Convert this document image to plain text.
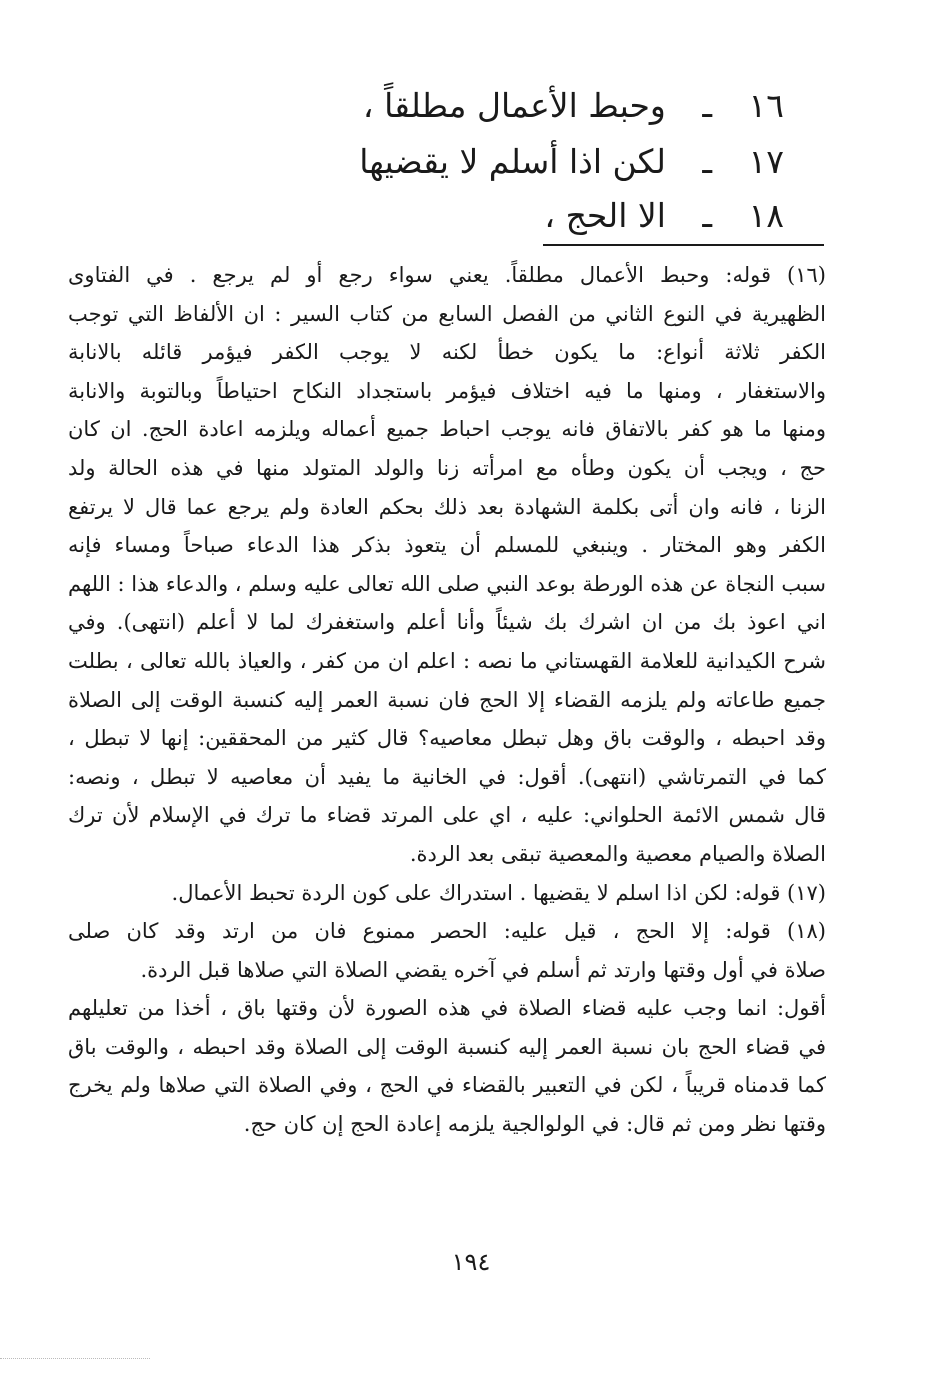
١٦ ـ وحبط الأعمال مطلقاً ،
١٧ ـ لكن اذا أسلم لا يقضيها
١٨ ـ الا الحج ،
(١٦) قوله: وحبط الأعمال مطلقاً. يعني سواء رجع أو لم يرجع . في الفتاوى
الظهيرية في النوع الثاني من الفصل السابع من كتاب السير : ان الألفاظ التي توجب
الكفر ثلاثة أنواع: ما يكون خطأ لكنه لا يوجب الكفر فيؤمر قائله بالانابة
والاستغفار ، ومنها ما فيه اختلاف فيؤمر باستجداد النكاح احتياطاً وبالتوبة والانابة
ومنها ما هو كفر بالاتفاق فانه يوجب احباط جميع أعماله ويلزمه اعادة الحج. ان كان
حج ، ويجب أن يكون وطأه مع امرأته زنا والولد المتولد منها في هذه الحالة ولد
الزنا ، فانه وان أتى بكلمة الشهادة بعد ذلك بحكم العادة ولم يرجع عما قال لا يرتفع
الكفر وهو المختار . وينبغي للمسلم أن يتعوذ بذكر هذا الدعاء صباحاً ومساء فإنه
سبب النجاة عن هذه الورطة بوعد النبي صلى الله تعالى عليه وسلم ، والدعاء هذا : اللهم
اني اعوذ بك من ان اشرك بك شيئاً وأنا أعلم واستغفرك لما لا أعلم (انتهى). وفي
شرح الكيدانية للعلامة القهستاني ما نصه : اعلم ان من كفر ، والعياذ بالله تعالى ، بطلت
جميع طاعاته ولم يلزمه القضاء إلا الحج فان نسبة العمر إليه كنسبة الوقت إلى الصلاة
وقد احبطه ، والوقت باق وهل تبطل معاصيه؟ قال كثير من المحققين: إنها لا تبطل ،
كما في التمرتاشي (انتهى). أقول: في الخانية ما يفيد أن معاصيه لا تبطل ، ونصه:
قال شمس الائمة الحلواني: عليه ، اي على المرتد قضاء ما ترك في الإسلام لأن ترك
الصلاة والصيام معصية والمعصية تبقى بعد الردة.
(١٧) قوله: لكن اذا اسلم لا يقضيها . استدراك على كون الردة تحبط الأعمال.
(١٨) قوله: إلا الحج ، قيل عليه: الحصر ممنوع فان من ارتد وقد كان صلى
صلاة في أول وقتها وارتد ثم أسلم في آخره يقضي الصلاة التي صلاها قبل الردة.
أقول: انما وجب عليه قضاء الصلاة في هذه الصورة لأن وقتها باق ، أخذا من تعليلهم
في قضاء الحج بان نسبة العمر إليه كنسبة الوقت إلى الصلاة وقد احبطه ، والوقت باق
كما قدمناه قريباً ، لكن في التعبير بالقضاء في الحج ، وفي الصلاة التي صلاها ولم يخرج
وقتها نظر ومن ثم قال: في الولوالجية يلزمه إعادة الحج إن كان حج.
١٩٤
